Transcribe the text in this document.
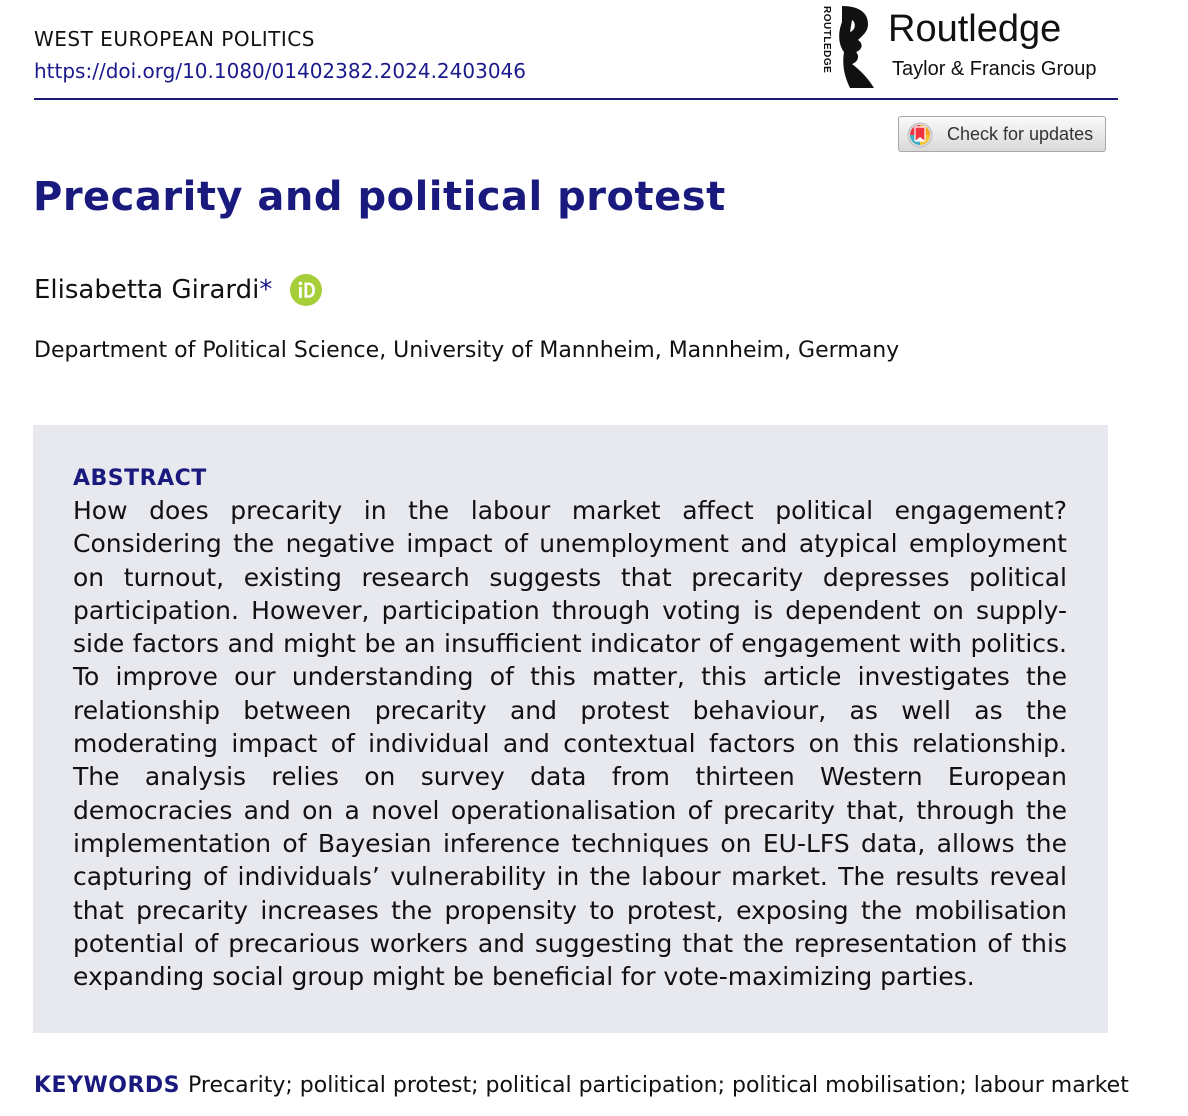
WEST EUROPEAN POLITICS
https://doi.org/10.1080/01402382.2024.2403046	ROUTLEDGE Routledge
Taylor & Francis Group
Check for updates
Precarity and political protest
Elisabetta Girardi*
Department of Political Science, University of Mannheim, Mannheim, Germany
ABSTRACT

How does precarity in the labour market affect political engagement? Considering the negative impact of unemployment and atypical employment on turnout, existing research suggests that precarity depresses political participation. However, participation through voting is dependent on supply-side factors and might be an insufficient indicator of engagement with politics. To improve our understanding of this matter, this article investigates the relationship between precarity and protest behaviour, as well as the moderating impact of individual and contextual factors on this relationship. The analysis relies on survey data from thirteen Western European democracies and on a novel operationalisation of precarity that, through the implementation of Bayesian inference techniques on EU-LFS data, allows the capturing of individuals’ vulnerability in the labour market. The results reveal that precarity increases the propensity to protest, exposing the mobilisation potential of precarious workers and suggesting that the representation of this expanding social group might be beneficial for vote-maximizing parties.

KEYWORDS Precarity; political protest; political participation; political mobilisation; labour market
